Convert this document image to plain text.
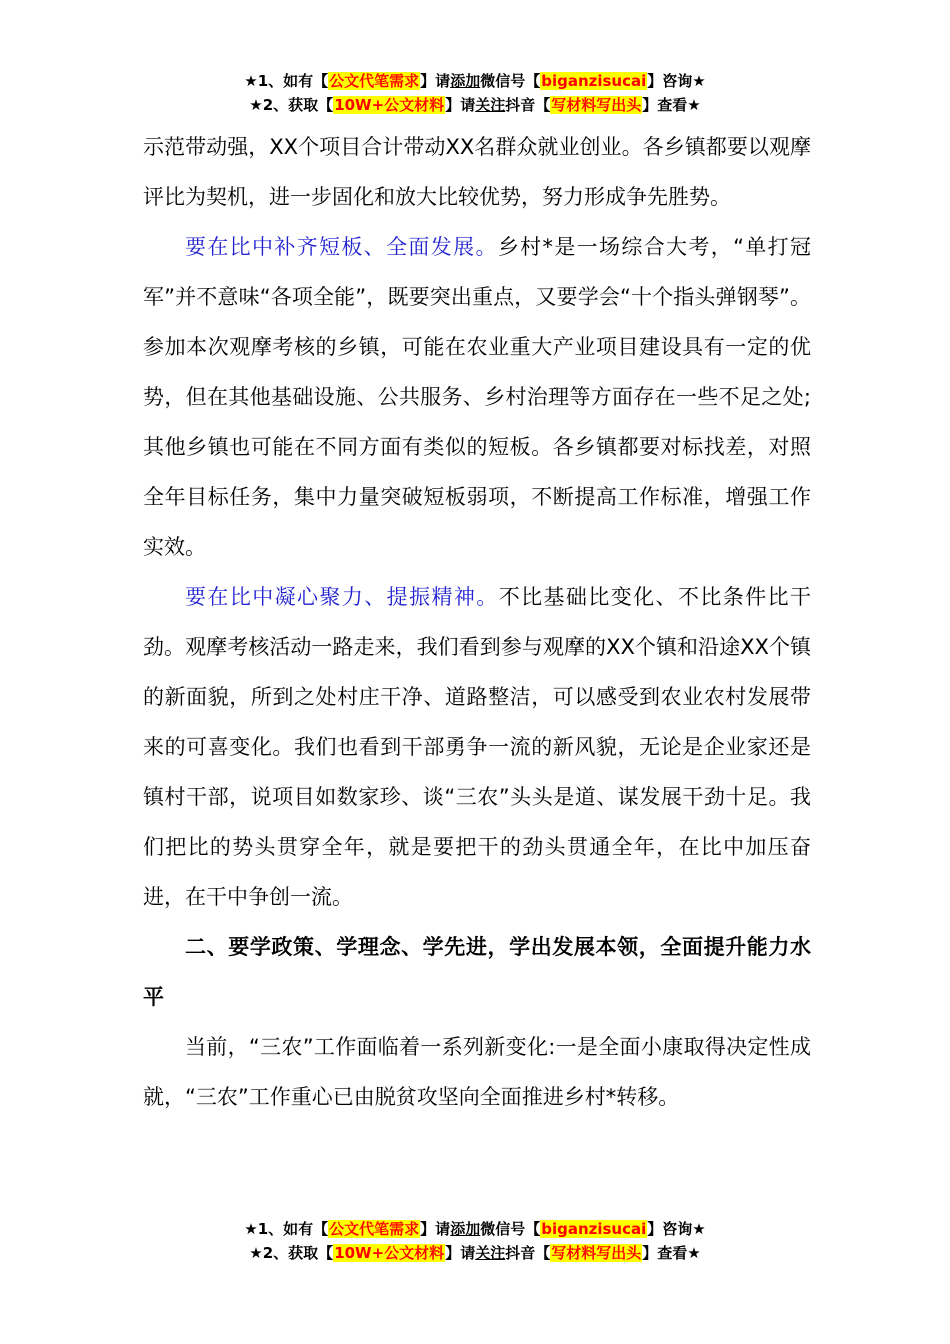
★1、如有【公文代笔需求】请添加微信号【biganzisucai】咨询★
★2、获取【10W+公文材料】请关注抖音【写材料写出头】查看★

示范带动强，XX个项目合计带动XX名群众就业创业。各乡镇都要以观摩评比为契机，进一步固化和放大比较优势，努力形成争先胜势。

要在比中补齐短板、全面发展。乡村*是一场综合大考，“单打冠军”并不意味“各项全能”，既要突出重点，又要学会“十个指头弹钢琴”。参加本次观摩考核的乡镇，可能在农业重大产业项目建设具有一定的优势，但在其他基础设施、公共服务、乡村治理等方面存在一些不足之处;其他乡镇也可能在不同方面有类似的短板。各乡镇都要对标找差，对照全年目标任务，集中力量突破短板弱项，不断提高工作标准，增强工作实效。

要在比中凝心聚力、提振精神。不比基础比变化、不比条件比干劲。观摩考核活动一路走来，我们看到参与观摩的XX个镇和沿途XX个镇的新面貌，所到之处村庄干净、道路整洁，可以感受到农业农村发展带来的可喜变化。我们也看到干部勇争一流的新风貌，无论是企业家还是镇村干部，说项目如数家珍、谈“三农”头头是道、谋发展干劲十足。我们把比的势头贯穿全年，就是要把干的劲头贯通全年，在比中加压奋进，在干中争创一流。

二、要学政策、学理念、学先进，学出发展本领，全面提升能力水平

当前，“三农”工作面临着一系列新变化:一是全面小康取得决定性成就，“三农”工作重心已由脱贫攻坚向全面推进乡村*转移。

★1、如有【公文代笔需求】请添加微信号【biganzisucai】咨询★
★2、获取【10W+公文材料】请关注抖音【写材料写出头】查看★
